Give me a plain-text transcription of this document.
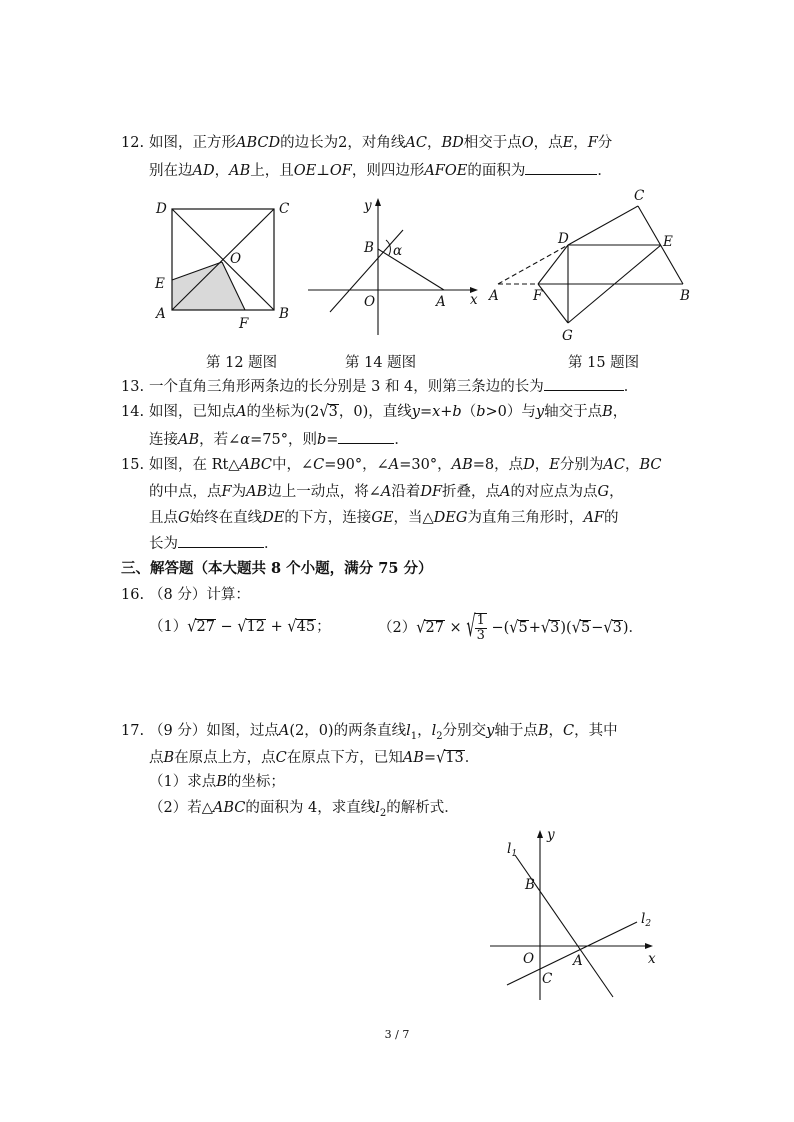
12. 如图，正方形ABCD的边长为2，对角线AC，BD相交于点O，点E，F分
别在边AD，AB上，且OE⊥OF，则四边形AFOE的面积为	．
D	C
O
E
A
F
B
y
B α
O	A x
C
D	E
A	F	B
G
第 12 题图	第 14 题图	第 15 题图
13. 一个直角三角形两条边的长分别是 3 和 4，则第三条边的长为	．
14. 如图，已知点A的坐标为(2√3，0)，直线y=x+b（b>0）与y轴交于点B，
连接AB，若∠α=75°，则b=	．
15. 如图，在 Rt△ABC中，∠C=90°，∠A=30°，AB=8，点D，E分别为AC，BC
的中点，点F为AB边上一动点，将∠A沿着DF折叠，点A的对应点为点G，
且点G始终在直线DE的下方，连接GE，当△DEG为直角三角形时，AF的
长为	．
三、解答题（本大题共 8 个小题，满分 75 分）
16. （8 分）计算：
（1）√27 − √12 + √45；	（2）√27 × √ $\frac{1}{3} -(√5+√3)(√5-√3)$．
17. （9 分）如图，过点A(2，0)的两条直线$l_1$，$l_2$分别交y轴于点B，C，其中
点B在原点上方，点C在原点下方，已知AB=√13．
（1）求点B的坐标；
（2）若△ABC的面积为 4，求直线$l_2$的解析式．
$l_1$
y
B
$l_2$
O	A	x
C
3 / 7
